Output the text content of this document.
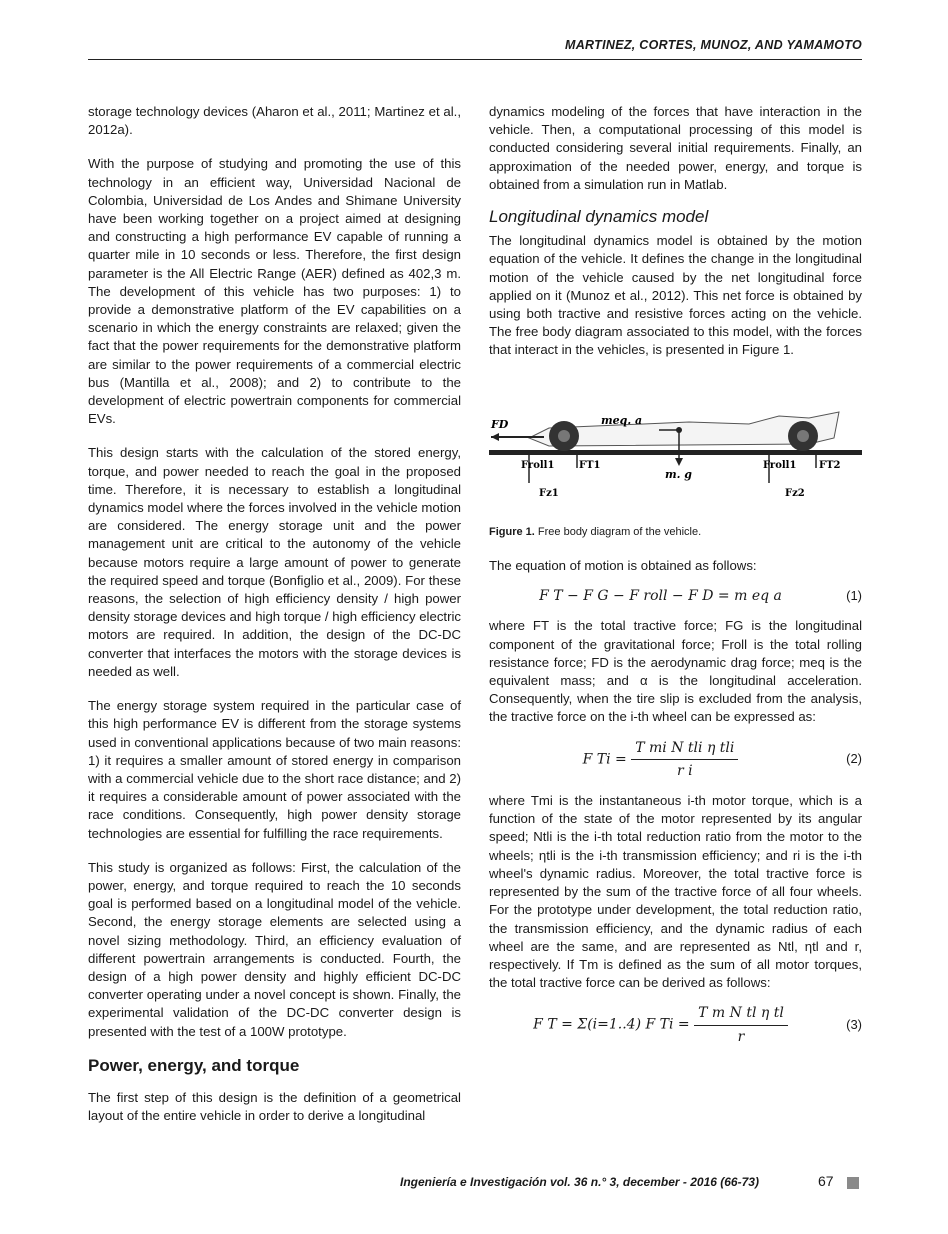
MARTINEZ, CORTES, MUNOZ, AND YAMAMOTO

storage technology devices (Aharon et al., 2011; Martinez et al., 2012a).

With the purpose of studying and promoting the use of this technology in an efficient way, Universidad Nacional de Colombia, Universidad de Los Andes and Shimane University have been working together on a project aimed at designing and constructing a high performance EV capable of running a quarter mile in 10 seconds or less. Therefore, the first design parameter is the All Electric Range (AER) defined as 402,3 m. The development of this vehicle has two purposes: 1) to provide a demonstrative platform of the EV capabilities on a scenario in which the energy constraints are relaxed; given the fact that the power requirements for the demonstrative platform are similar to the power requirements of a commercial electric bus (Mantilla et al., 2008); and 2) to contribute to the development of electric powertrain components for commercial EVs.

This design starts with the calculation of the stored energy, torque, and power needed to reach the goal in the proposed time. Therefore, it is necessary to establish a longitudinal dynamics model where the forces involved in the vehicle motion are considered. The energy storage unit and the power management unit are critical to the autonomy of the vehicle because motors require a large amount of power to generate the required speed and torque (Bonfiglio et al., 2009). For these reasons, the selection of high efficiency density / high power density storage devices and high torque / high efficiency electric motors are required. In addition, the design of the DC-DC converter that interfaces the motors with the storage devices is needed as well.

The energy storage system required in the particular case of this high performance EV is different from the storage systems used in conventional applications because of two main reasons: 1) it requires a smaller amount of stored energy in comparison with a commercial vehicle due to the short race distance; and 2) it requires a considerable amount of power associated with the race conditions. Consequently, high power density storage technologies are essential for fulfilling the race requirements.

This study is organized as follows: First, the calculation of the power, energy, and torque required to reach the 10 seconds goal is performed based on a longitudinal model of the vehicle. Second, the energy storage elements are selected using a novel sizing methodology. Third, an efficiency evaluation of different powertrain arrangements is conducted. Fourth, the design of a high power density and highly efficient DC-DC converter operating under a novel concept is shown. Finally, the experimental validation of the DC-DC converter design is presented with the test of a 100W prototype.

Power, energy, and torque

The first step of this design is the definition of a geometrical layout of the entire vehicle in order to derive a longitudinal

dynamics modeling of the forces that have interaction in the vehicle. Then, a computational processing of this model is conducted considering several initial requirements. Finally, an approximation of the needed power, energy, and torque is obtained from a simulation run in Matlab.

Longitudinal dynamics model

The longitudinal dynamics model is obtained by the motion equation of the vehicle. It defines the change in the longitudinal motion of the vehicle caused by the net longitudinal force applied on it (Munoz et al., 2012). This net force is obtained by using both tractive and resistive forces acting on the vehicle. The free body diagram associated to this model, with the forces that interact in the vehicles, is presented in Figure 1.

FD	meq. a
m. g
Froll1 FT1
Fz1
Froll1 FT2
Fz2
Figure 1. Free body diagram of the vehicle.

The equation of motion is obtained as follows:

F T − F G − F roll − F D = m eq a	(1)

where FT is the total tractive force; FG is the longitudinal component of the gravitational force; Froll is the total rolling resistance force; FD is the aerodynamic drag force; meq is the equivalent mass; and α is the longitudinal acceleration. Consequently, when the tire slip is excluded from the analysis, the tractive force on the i-th wheel can be expressed as:

F $Ti = \frac{\text{T mi N tli η tli}}{\text{r i}}$	(2)

where Tmi is the instantaneous i-th motor torque, which is a function of the state of the motor represented by its angular speed; Ntli is the i-th total reduction ratio from the motor to the wheels; ηtli is the i-th transmission efficiency; and ri is the i-th wheel's dynamic radius. Moreover, the total tractive force is represented by the sum of the tractive force of all four wheels. For the prototype under development, the total reduction ratio, the transmission efficiency, and the dynamic radius of each wheel are the same, and are represented as Ntl, ηtl and r, respectively. If Tm is defined as the sum of all motor torques, the total tractive force can be derived as follows:

F T = Σ(i=1..4) F $Ti = \frac{\text{T m N tl η tl}}{r}$	(3)
Ingeniería e Investigación vol. 36 n.° 3, december - 2016 (66-73)	67
